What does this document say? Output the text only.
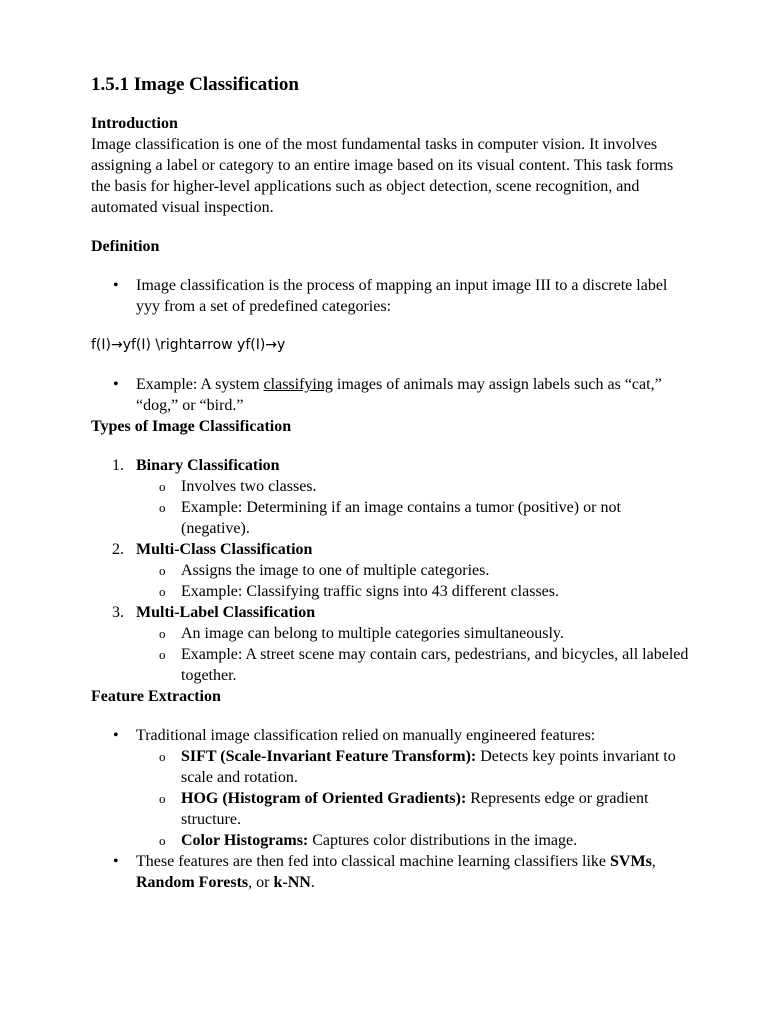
1.5.1 Image Classification
Introduction

Image classification is one of the most fundamental tasks in computer vision. It involves assigning a label or category to an entire image based on its visual content. This task forms the basis for higher-level applications such as object detection, scene recognition, and automated visual inspection.

Definition
• Image classification is the process of mapping an input image III to a discrete label yyy from a set of predefined categories:
f(I)→yf(I) \rightarrow yf(I)→y
• Example: A system classifying images of animals may assign labels such as “cat,” “dog,” or “bird.”
Types of Image Classification
1. Binary Classification
o Involves two classes.
o Example: Determining if an image contains a tumor (positive) or not (negative).
2. Multi-Class Classification
o Assigns the image to one of multiple categories.
o Example: Classifying traffic signs into 43 different classes.
3. Multi-Label Classification
o An image can belong to multiple categories simultaneously.
o Example: A street scene may contain cars, pedestrians, and bicycles, all labeled together.
Feature Extraction
• Traditional image classification relied on manually engineered features:
o SIFT (Scale-Invariant Feature Transform): Detects key points invariant to scale and rotation.
o HOG (Histogram of Oriented Gradients): Represents edge or gradient structure.
o Color Histograms: Captures color distributions in the image.
• These features are then fed into classical machine learning classifiers like SVMs, Random Forests, or k-NN.
